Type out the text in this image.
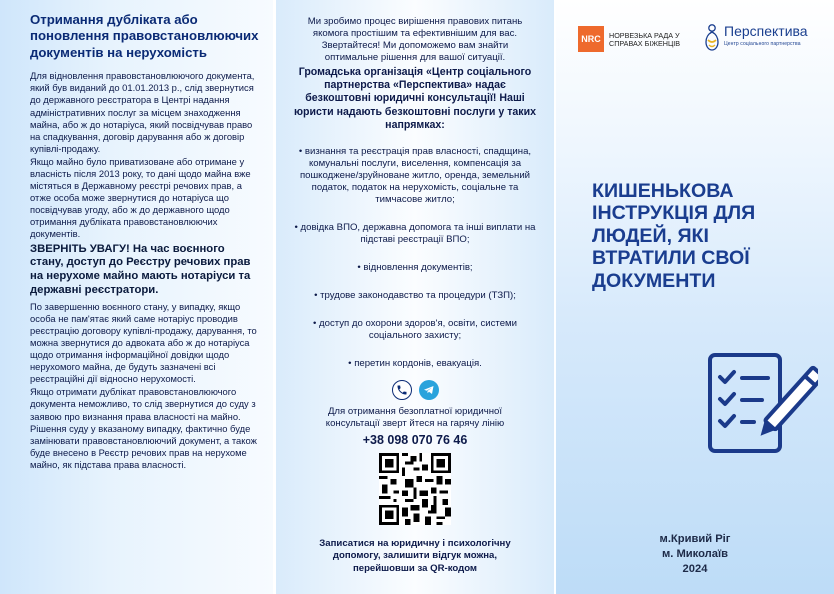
Отримання дубліката або поновлення правовстановлюючих документів на нерухомість

Для відновлення правовстановлюючого документа, який був виданий до 01.01.2013 р., слід звернутися до державного реєстратора в Центрі надання адміністративних послуг за місцем знаходження майна, або ж до нотаріуса, який посвідчував право на спадкування, договір дарування або ж договір купівлі-продажу.

Якщо майно було приватизоване або отримане у власність після 2013 року, то дані щодо майна вже містяться в Державному реєстрі речових прав, а отже особа може звернутися до нотаріуса що посвідчував угоду, або ж до державного щодо отримання дубліката правовстановлюючих документів.

ЗВЕРНІТЬ УВАГУ! На час воєнного стану, доступ до Реєстру речових прав на нерухоме майно мають нотаріуси та державні реєстратори.

По завершенню воєнного стану, у випадку, якщо особа не пам'ятає який саме нотаріус проводив реєстрацію договору купівлі-продажу, дарування, то можна звернутися до адвоката або ж до нотаріуса щодо отримання інформаційної довідки щодо нерухомого майна, де будуть зазначені всі реєстраційні дії відносно нерухомості.

Якщо отримати дублікат правовстановлюючого документа неможливо, то слід звернутися до суду з заявою про визнання права власності на майно. Рішення суду у вказаному випадку, фактично буде замінювати правовстановлюючий документ, а також буде внесено в Реєстр речових прав на нерухоме майно, як підстава права власності.

Ми зробимо процес вирішення правових питань якомога простішим та ефективнішим для вас. Звертайтеся! Ми допоможемо вам знайти оптимальне рішення для вашої ситуації.

Громадська організація «Центр соціального партнерства «Перспектива» надає безкоштовні юридичні консультації! Наші юристи надають безкоштовні послуги у таких напрямках:

• визнання та реєстрація прав власності, спадщина, комунальні послуги, виселення, компенсація за пошкоджене/зруйноване житло, оренда, земельний податок, податок на нерухомість, соціальне та тимчасове житло;

• довідка ВПО, державна допомога та інші виплати на підставі реєстрації ВПО;

• відновлення документів;

• трудове законодавство та процедури (ТЗП);

• доступ до охорони здоров'я, освіти, системи соціального захисту;

• перетин кордонів, евакуація.

Для отримання безоплатної юридичної консультації зверт йтеся на гарячу лінію

+38 098 070 76 46

Записатися на юридичну і психологічну допомогу, залишити відгук можна, перейшовши за QR-кодом

NRC	НОРВЕЗЬКА РАДА У
СПРАВАХ БІЖЕНЦІВ
Перспектива
Центр соціального партнерства
КИШЕНЬКОВА ІНСТРУКЦІЯ ДЛЯ ЛЮДЕЙ, ЯКІ ВТРАТИЛИ СВОЇ ДОКУМЕНТИ
м.Кривий Ріг
м. Миколаїв
2024
